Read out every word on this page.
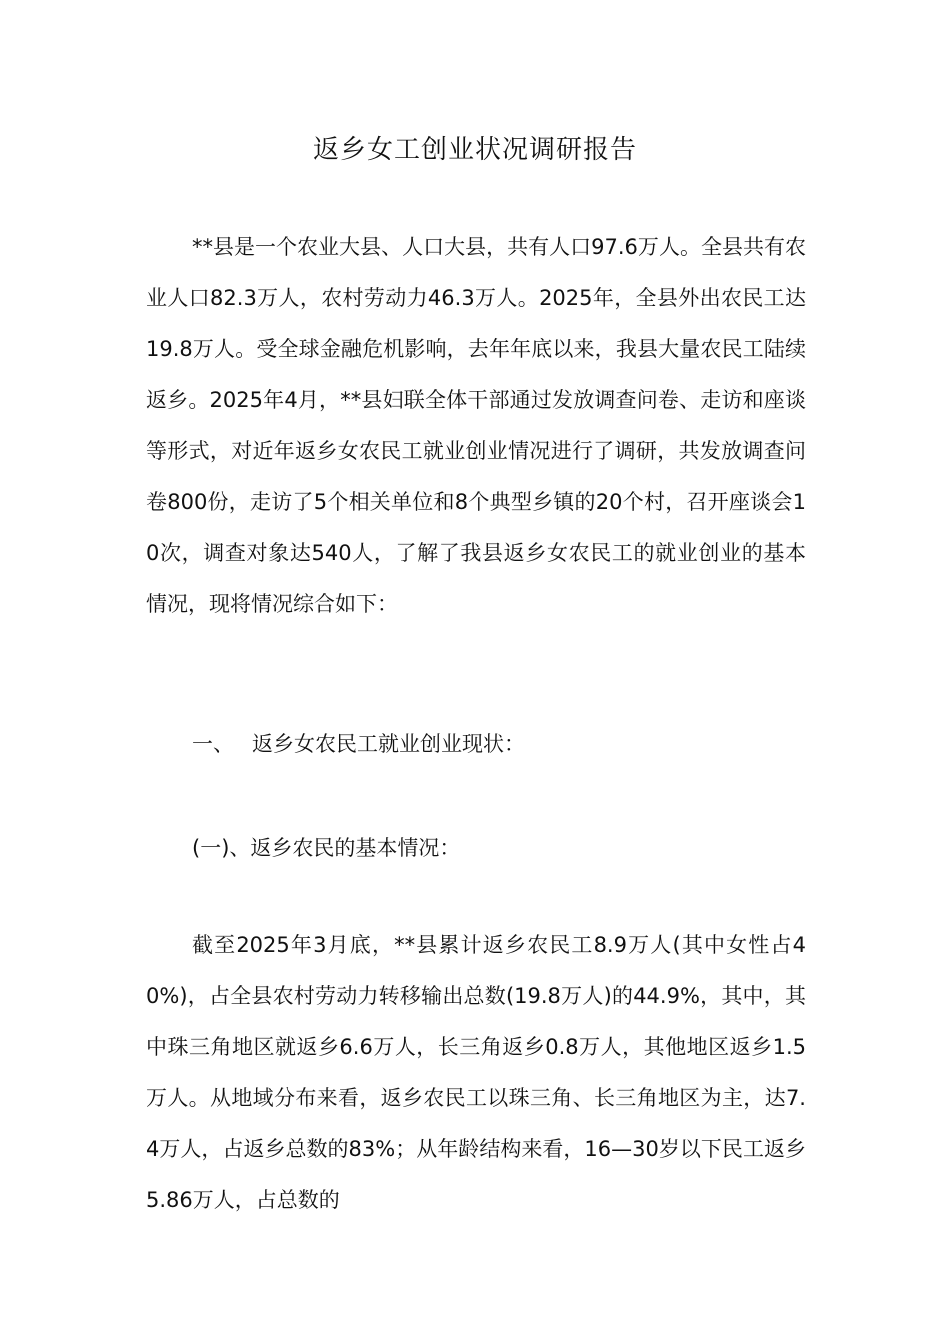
返乡女工创业状况调研报告

**县是一个农业大县、人口大县，共有人口97.6万人。全县共有农业人口82.3万人，农村劳动力46.3万人。2025年，全县外出农民工达19.8万人。受全球金融危机影响，去年年底以来，我县大量农民工陆续返乡。2025年4月，**县妇联全体干部通过发放调查问卷、走访和座谈等形式，对近年返乡女农民工就业创业情况进行了调研，共发放调查问卷800份，走访了5个相关单位和8个典型乡镇的20个村，召开座谈会10次，调查对象达540人，了解了我县返乡女农民工的就业创业的基本情况，现将情况综合如下：

一、 返乡女农民工就业创业现状：
(一)、返乡农民的基本情况：

截至2025年3月底，**县累计返乡农民工8.9万人(其中女性占40%)，占全县农村劳动力转移输出总数(19.8万人)的44.9%，其中，其中珠三角地区就返乡6.6万人，长三角返乡0.8万人，其他地区返乡1.5万人。从地域分布来看，返乡农民工以珠三角、长三角地区为主，达7.4万人，占返乡总数的83%；从年龄结构来看，16—30岁以下民工返乡5.86万人，占总数的
